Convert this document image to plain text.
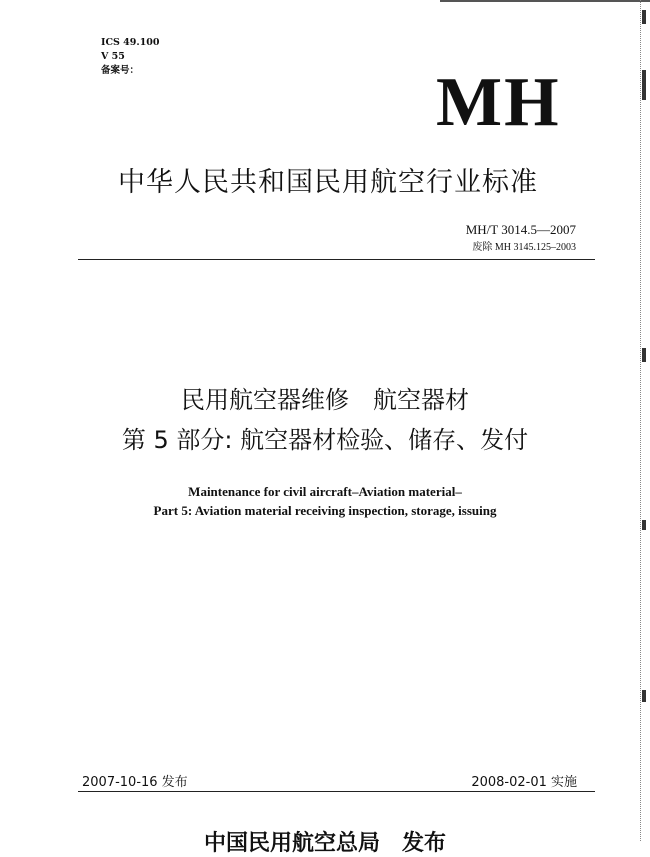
ICS 49.100
V 55
备案号：	MH
中华人民共和国民用航空行业标准
MH/T 3014.5—2007
废除 MH 3145.125–2003
民用航空器维修　航空器材
第 5 部分: 航空器材检验、储存、发付
Maintenance for civil aircraft–Aviation material–
Part 5: Aviation material receiving inspection, storage, issuing
2007-10-16 发布	2008-02-01 实施
中国民用航空总局　发布
